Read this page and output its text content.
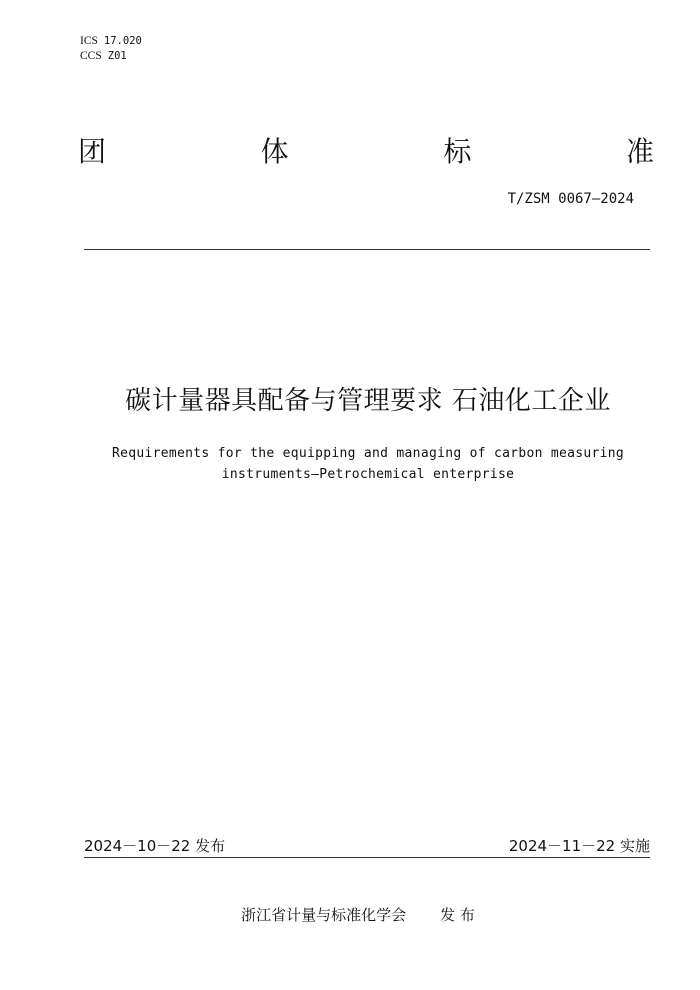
ICS 17.020
CCS Z01
团	体	标	准
T/ZSM 0067—2024
碳计量器具配备与管理要求 石油化工企业
Requirements for the equipping and managing of carbon measuring
instruments—Petrochemical enterprise
2024－10－22 发布	2024－11－22 实施
浙江省计量与标准化学会 发 布
